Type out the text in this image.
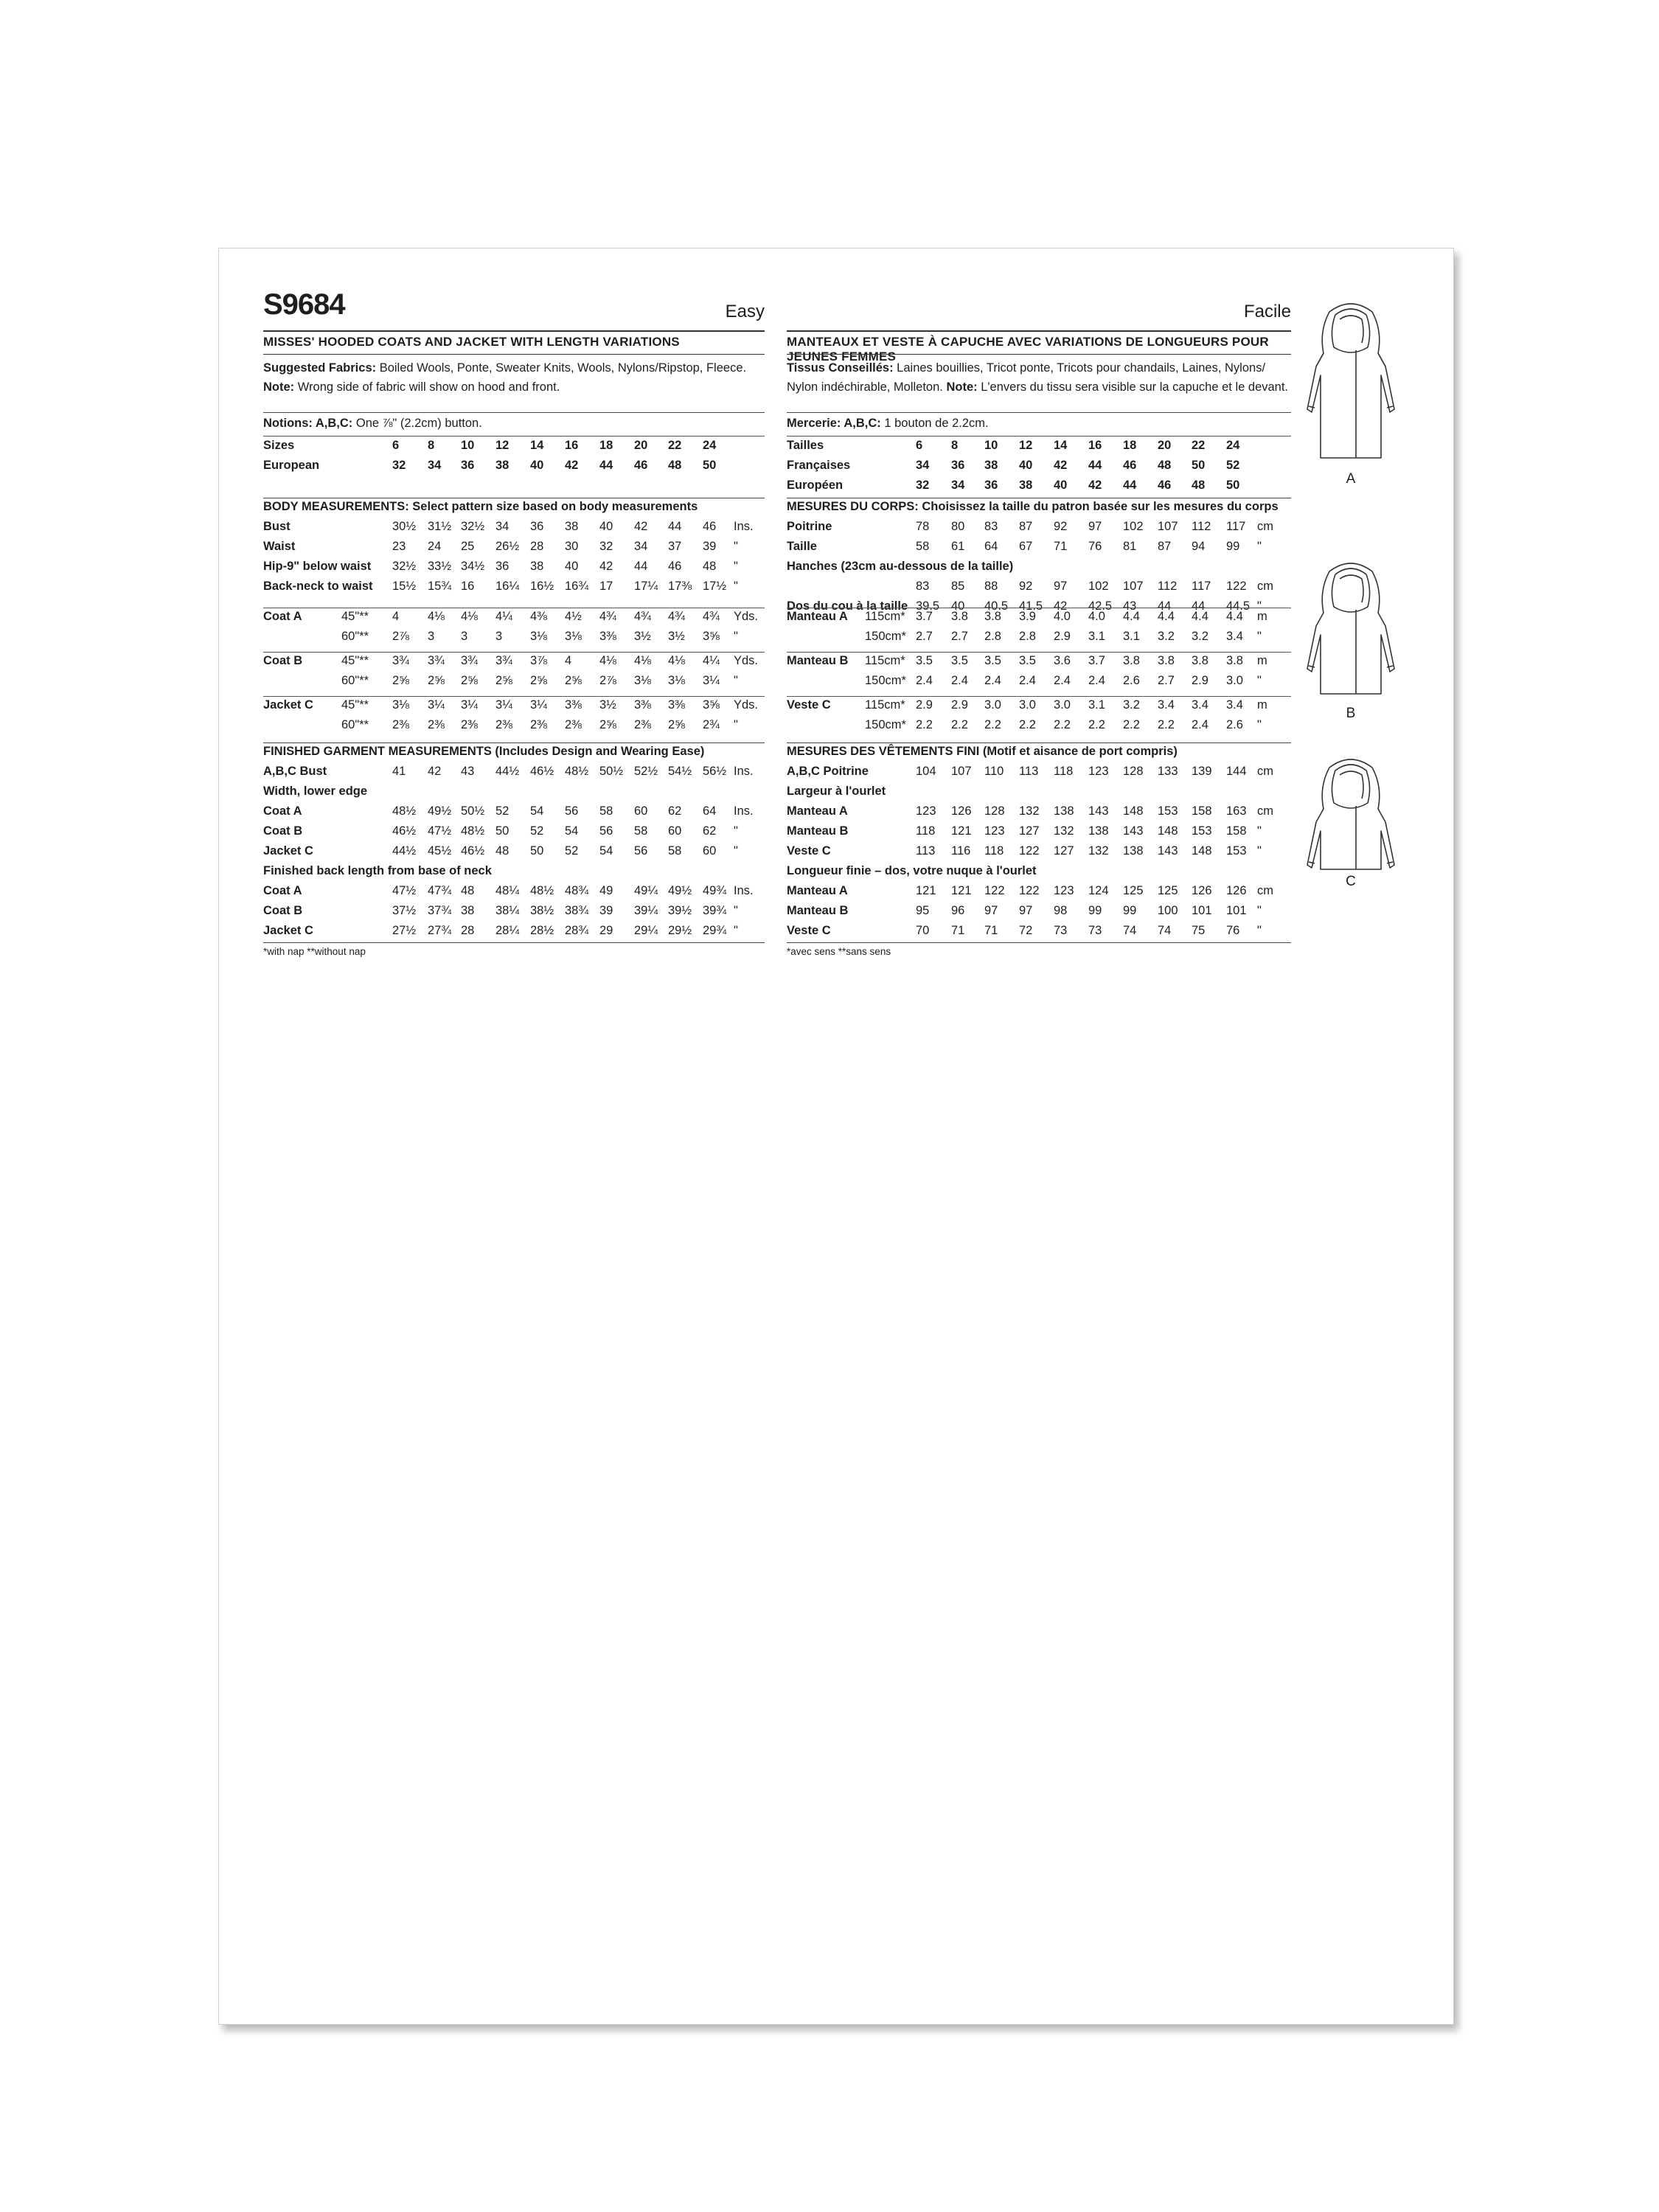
S9684	Easy
MISSES' HOODED COATS AND JACKET WITH LENGTH VARIATIONS
Suggested Fabrics: Boiled Wools, Ponte, Sweater Knits, Wools, Nylons/Ripstop, Fleece.
Note: Wrong side of fabric will show on hood and front.
Notions: A,B,C: One ⅞" (2.2cm) button.
Sizes	6 8 10 12 14 16 18 20 22 24
European	32 34 36 38 40 42 44 46 48 50
BODY MEASUREMENTS: Select pattern size based on body measurements
Bust	30½ 31½ 32½ 34 36 38 40 42 44 46 Ins.
Waist	23 24 25 26½ 28 30 32 34 37 39 "
Hip-9" below waist 32½ 33½ 34½ 36 38 40 42 44 46 48 "
Back-neck to waist 15½ 15¾ 16 16¼ 16½ 16¾ 17 17¼ 17⅜ 17½ "
Coat A	45"** 4 4⅛ 4⅛ 4¼ 4⅜ 4½ 4¾ 4¾ 4¾ 4¾ Yds.
60"** 2⅞ 3 3 3 3⅛ 3⅛ 3⅜ 3½ 3½ 3⅝ "
Coat B	45"** 3¾ 3¾ 3¾ 3¾ 3⅞ 4 4⅛ 4⅛ 4⅛ 4¼ Yds.
60"** 2⅝ 2⅝ 2⅝ 2⅝ 2⅝ 2⅝ 2⅞ 3⅛ 3⅛ 3¼ "
Jacket C 45"** 3⅛ 3¼ 3¼ 3¼ 3¼ 3⅜ 3½ 3⅜ 3⅜ 3⅝ Yds.
60"** 2⅜ 2⅜ 2⅜ 2⅜ 2⅜ 2⅜ 2⅝ 2⅜ 2⅝ 2¾ "
FINISHED GARMENT MEASUREMENTS (Includes Design and Wearing Ease)
A,B,C Bust	41 42 43 44½ 46½ 48½ 50½ 52½ 54½ 56½ Ins.
Width, lower edge
Coat A	48½ 49½ 50½ 52 54 56 58 60 62 64 Ins.
Coat B	46½ 47½ 48½ 50 52 54 56 58 60 62 "
Jacket C	44½ 45½ 46½ 48 50 52 54 56 58 60 "
Finished back length from base of neck
Coat A	47½ 47¾ 48 48¼ 48½ 48¾ 49 49¼ 49½ 49¾ Ins.
Coat B	37½ 37¾ 38 38¼ 38½ 38¾ 39 39¼ 39½ 39¾ "
Jacket C	27½ 27¾ 28 28¼ 28½ 28¾ 29 29¼ 29½ 29¾ "
*with nap **without nap
Facile
MANTEAUX ET VESTE À CAPUCHE AVEC VARIATIONS DE LONGUEURS POUR JEUNES FEMMES
Tissus Conseillés: Laines bouillies, Tricot ponte, Tricots pour chandails, Laines, Nylons/ Nylon indéchirable, Molleton. Note: L'envers du tissu sera visible sur la capuche et le devant.
Mercerie: A,B,C: 1 bouton de 2.2cm.
Tailles	6 8 10 12 14 16 18 20 22 24
Françaises	34 36 38 40 42 44 46 48 50 52
Européen	32 34 36 38 40 42 44 46 48 50
MESURES DU CORPS: Choisissez la taille du patron basée sur les mesures du corps
Poitrine	78 80 83 87 92 97 102 107 112 117 cm
Taille	58 61 64 67 71 76 81 87 94 99 "
Hanches (23cm au-dessous de la taille)
83 85 88 92 97 102 107 112 117 122 cm
Dos du cou à la taille 39.5 40 40.5 41.5 42 42.5 43 44 44 44.5 "
Manteau A 115cm* 3.7 3.8 3.8 3.9 4.0 4.0 4.4 4.4 4.4 4.4 m
150cm* 2.7 2.7 2.8 2.8 2.9 3.1 3.1 3.2 3.2 3.4 "
Manteau B 115cm* 3.5 3.5 3.5 3.5 3.6 3.7 3.8 3.8 3.8 3.8 m
150cm* 2.4 2.4 2.4 2.4 2.4 2.4 2.6 2.7 2.9 3.0 "
Veste C	115cm* 2.9 2.9 3.0 3.0 3.0 3.1 3.2 3.4 3.4 3.4 m
150cm* 2.2 2.2 2.2 2.2 2.2 2.2 2.2 2.2 2.4 2.6 "
MESURES DES VÊTEMENTS FINI (Motif et aisance de port compris)
A,B,C Poitrine	104 107 110 113 118 123 128 133 139 144 cm
Largeur à l'ourlet
Manteau A	123 126 128 132 138 143 148 153 158 163 cm
Manteau B	118 121 123 127 132 138 143 148 153 158 "
Veste C	113 116 118 122 127 132 138 143 148 153 "
Longueur finie – dos, votre nuque à l'ourlet
Manteau A	121 121 122 122 123 124 125 125 126 126 cm
Manteau B	95 96 97 97 98 99 99 100 101 101 "
Veste C	70 71 71 72 73 73 74 74 75 76 "
*avec sens **sans sens
A
B
C
